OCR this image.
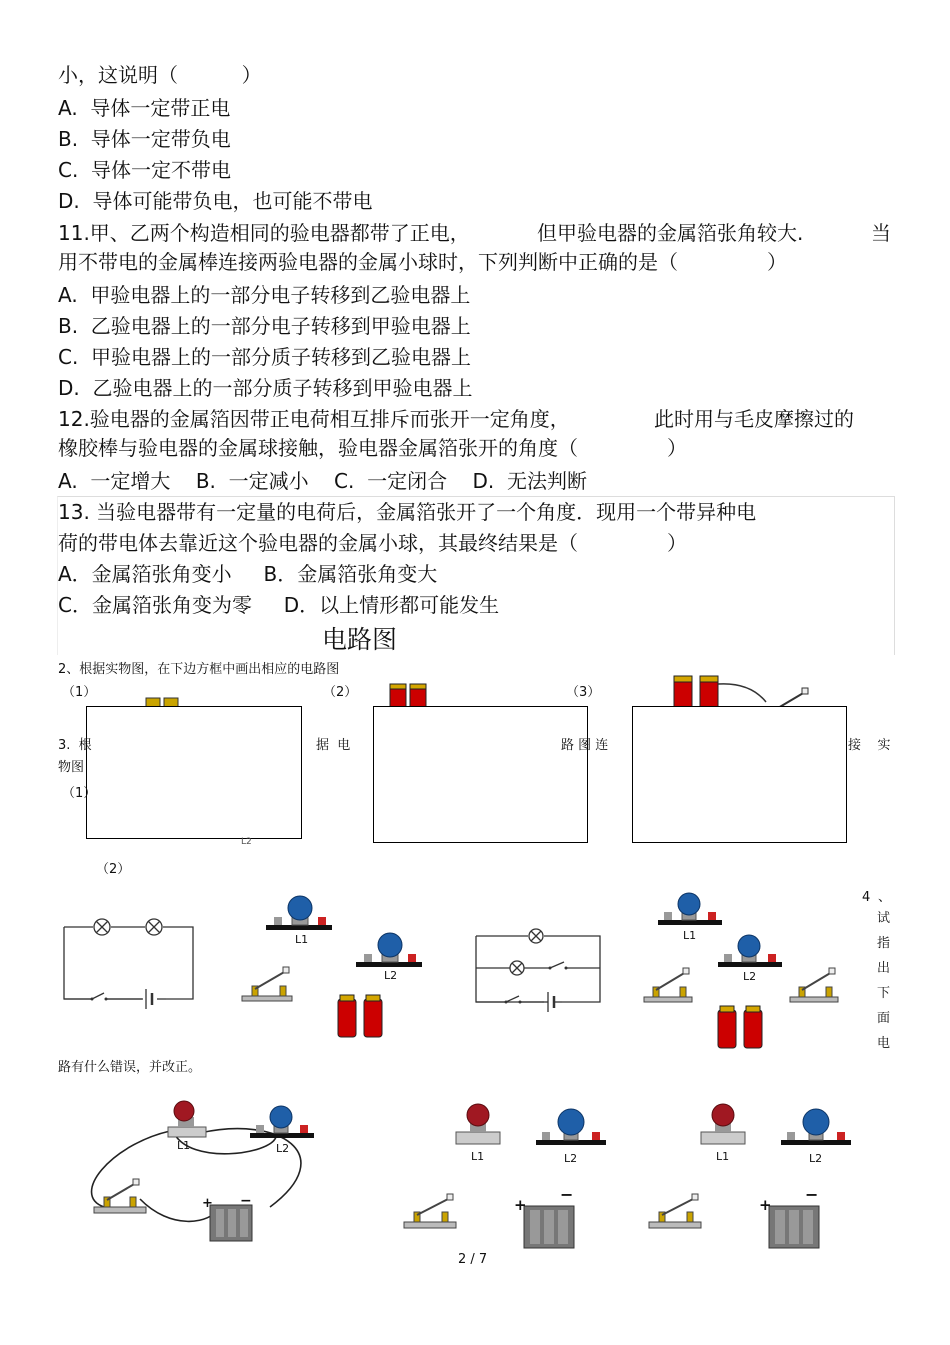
小，这说明（          ）
A.  导体一定带正电
B.  导体一定带负电
C.  导体一定不带电
D.  导体可能带负电，也可能不带电
11.甲、乙两个构造相同的验电器都带了正电，	但甲验电器的金属箔张角较大.	当
用不带电的金属棒连接两验电器的金属小球时，下列判断中正确的是（              ）
A.  甲验电器上的一部分电子转移到乙验电器上
B.  乙验电器上的一部分电子转移到甲验电器上
C.  甲验电器上的一部分质子转移到乙验电器上
D.  乙验电器上的一部分质子转移到甲验电器上
12.验电器的金属箔因带正电荷相互排斥而张开一定角度，	此时用与毛皮摩擦过的
橡胶棒与验电器的金属球接触，验电器金属箔张开的角度（              ）
A.  一定增大    B.  一定减小    C.  一定闭合    D.  无法判断
13. 当验电器带有一定量的电荷后，金属箔张开了一个角度．现用一个带异种电
荷的带电体去靠近这个验电器的金属小球，其最终结果是（              ）
A．金属箔张角变小     B．金属箔张角变大
C．金属箔张角变为零     D．以上情形都可能发生
电路图
2、根据实物图，在下边方框中画出相应的电路图
（1）	（2）	（3）
L2
3.  根	据  电	路 图 连	接    实
物图
（1）
（2）
4 、
试
指
出
下
面
电
路有什么错误，并改正。
L1
L2
L1
L2
L1	L2
+ −
L1	L2
+
−
L1	L2
+
−
2 / 7
